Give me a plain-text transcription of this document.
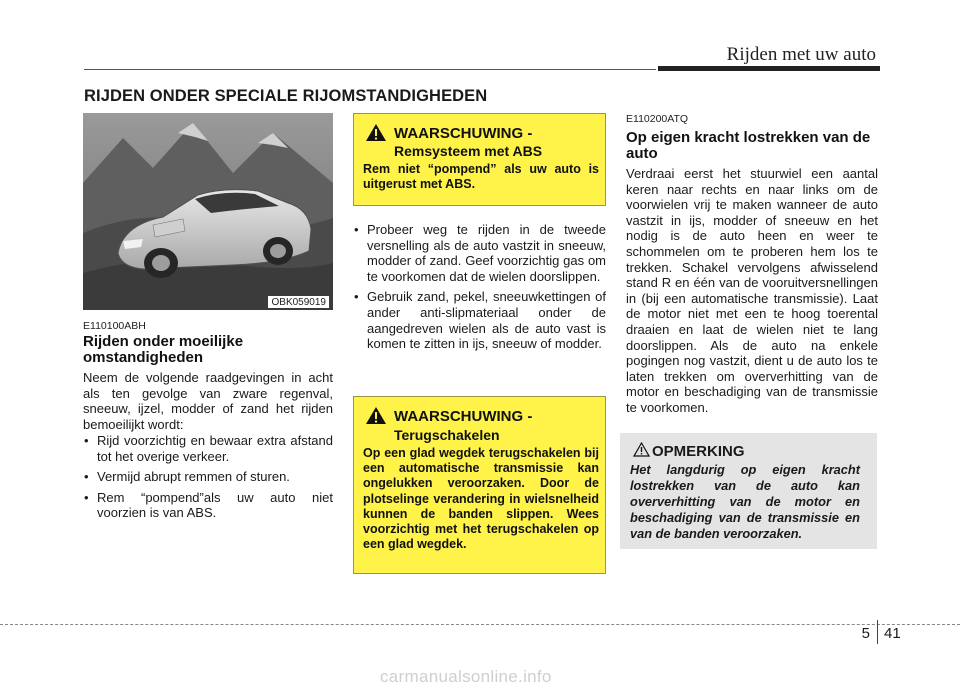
Rijden met uw auto
RIJDEN ONDER SPECIALE RIJOMSTANDIGHEDEN
OBK059019
E110100ABH
Rijden onder moeilijke omstandigheden
Neem de volgende raadgevingen in acht als ten gevolge van zware regenval, sneeuw, ijzel, modder of zand het rijden bemoeilijkt wordt:
• Rijd voorzichtig en bewaar extra afstand tot het overige verkeer.
• Vermijd abrupt remmen of sturen.
• Rem “pompend”als uw auto niet voorzien is van ABS.
WAARSCHUWING -
Remsysteem met ABS
Rem niet “pompend” als uw auto is uitgerust met ABS.
• Probeer weg te rijden in de tweede versnelling als de auto vastzit in sneeuw, modder of zand. Geef voorzichtig gas om te voorkomen dat de wielen doorslippen.
• Gebruik zand, pekel, sneeuwkettingen of ander anti-slipmateriaal onder de aangedreven wielen als de auto vast is komen te zitten in ijs, sneeuw of modder.
WAARSCHUWING -
Terugschakelen
Op een glad wegdek terugschakelen bij een automatische transmissie kan ongelukken veroorzaken. Door de plotselinge verandering in wielsnelheid kunnen de banden slippen. Wees voorzichtig met het terugschakelen op een glad wegdek.
E110200ATQ
Op eigen kracht lostrekken van de auto
Verdraai eerst het stuurwiel een aantal keren naar rechts en naar links om de voorwielen vrij te maken wanneer de auto vastzit in ijs, modder of sneeuw en het nodig is de auto heen en weer te schommelen om te proberen hem los te trekken. Schakel vervolgens afwisselend stand R en één van de vooruitversnellingen in (bij een automatische transmissie). Laat de motor niet met een te hoog toerental draaien en laat de wielen niet te lang doorslippen. Als de auto na enkele pogingen nog vastzit, dient u de auto los te laten trekken om oververhitting van de motor en beschadiging van de transmissie te voorkomen.
OPMERKING
Het langdurig op eigen kracht lostrekken van de auto kan oververhitting van de motor en beschadiging van de transmissie en van de banden veroorzaken.
5 41
carmanualsonline.info
